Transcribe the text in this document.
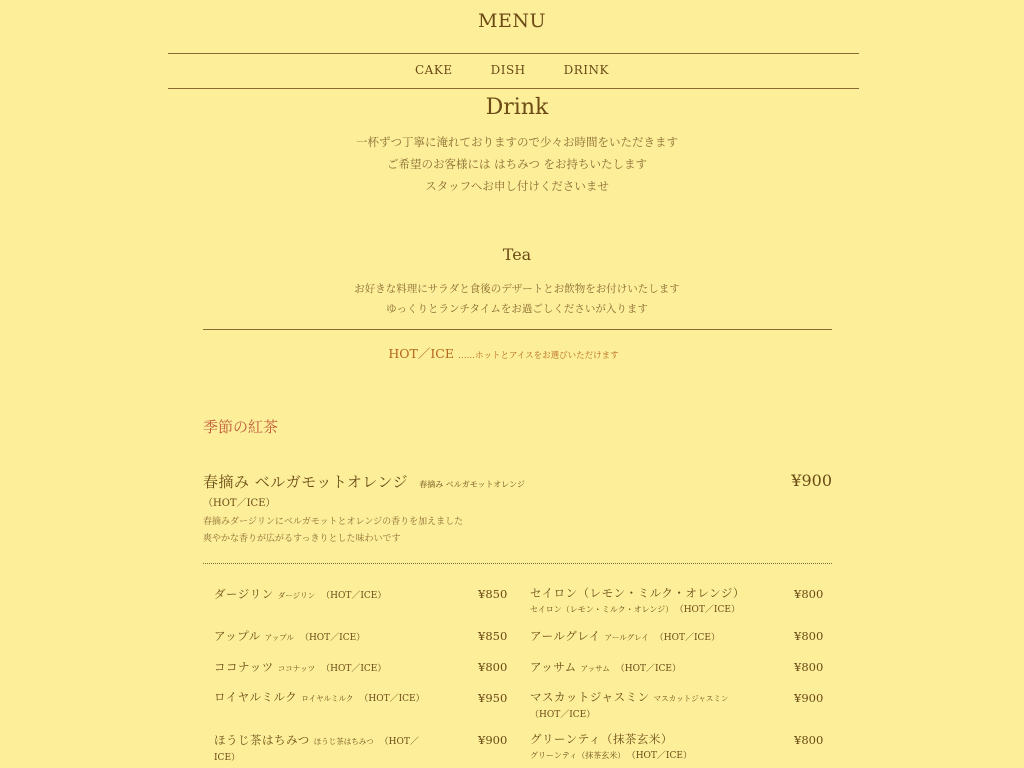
MENU
CAKE	DISH	DRINK
Drink
一杯ずつ丁寧に淹れておりますので少々お時間をいただきます
ご希望のお客様には はちみつ をお持ちいたします
スタッフへお申し付けくださいませ
Tea
お好きな料理にサラダと食後のデザートとお飲物をお付けいたします
ゆっくりとランチタイムをお過ごしくださいが入ります
HOT／ICE ……ホットとアイスをお選びいただけます
季節の紅茶
春摘み ベルガモットオレンジ 春摘み ベルガモットオレンジ
（HOT／ICE）
¥900
春摘みダージリンにベルガモットとオレンジの香りを加えました
爽やかな香りが広がるすっきりとした味わいです
ダージリン ダージリン （HOT／ICE）	¥850
アップル アップル （HOT／ICE）	¥850
ココナッツ ココナッツ （HOT／ICE）	¥800
ロイヤルミルク ロイヤルミルク （HOT／ICE）	¥950
ほうじ茶はちみつ ほうじ茶はちみつ （HOT／
ICE）
¥900
セイロン（レモン・ミルク・オレンジ）
セイロン（レモン・ミルク・オレンジ） （HOT／ICE）
¥800
アールグレイ アールグレイ （HOT／ICE）	¥800
アッサム アッサム （HOT／ICE）	¥800
マスカットジャスミン マスカットジャスミン
（HOT／ICE）
¥900
グリーンティ（抹茶玄米）
グリーンティ（抹茶玄米） （HOT／ICE）
¥800
